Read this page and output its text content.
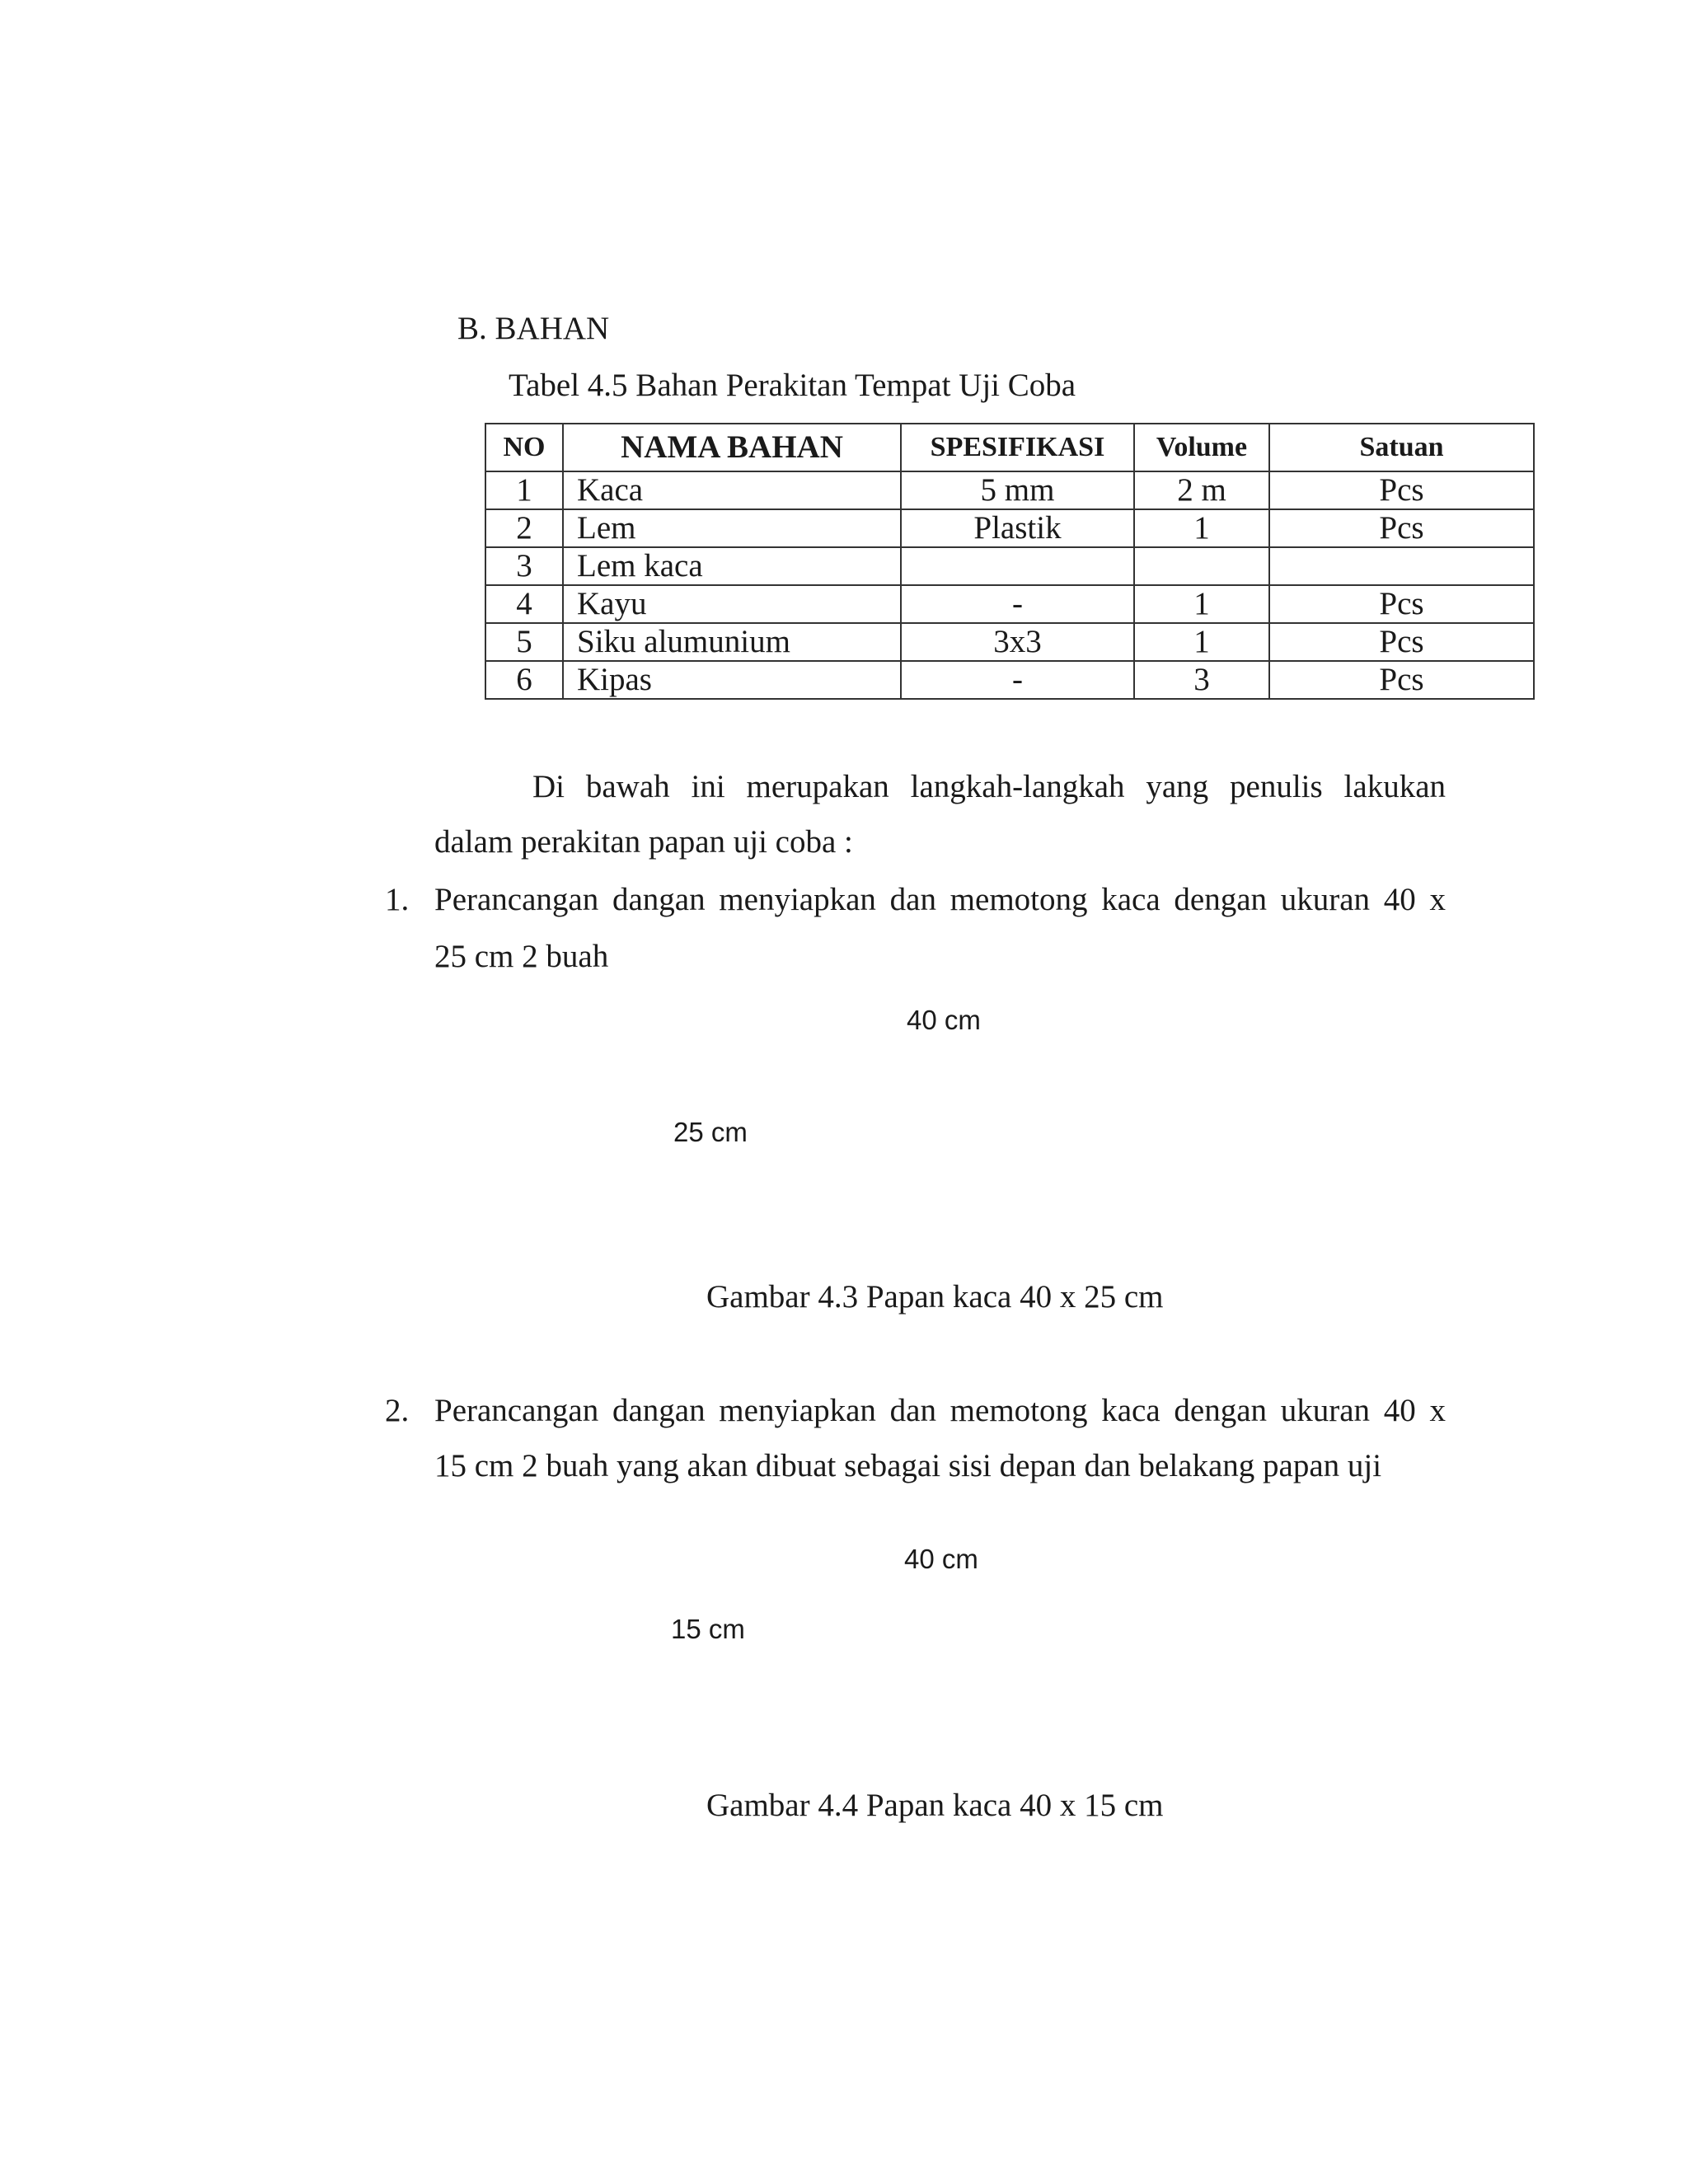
B. BAHAN
Tabel 4.5 Bahan Perakitan Tempat Uji Coba
NO	NAMA BAHAN	SPESIFIKASI	Volume	Satuan
1	Kaca	5 mm	2 m	Pcs
2	Lem	Plastik	1	Pcs
3	Lem kaca			
4	Kayu	-	1	Pcs
5	Siku alumunium	3x3	1	Pcs
6	Kipas	-	3	Pcs
Di bawah ini merupakan langkah-langkah yang penulis lakukan
dalam perakitan papan uji coba :
1. Perancangan dangan menyiapkan dan memotong kaca dengan ukuran 40 x
25 cm 2 buah
40 cm
25 cm
Gambar 4.3 Papan kaca 40 x 25 cm
2. Perancangan dangan menyiapkan dan memotong kaca dengan ukuran 40 x
15 cm 2 buah yang akan dibuat sebagai sisi depan dan belakang papan uji
40 cm
15 cm
Gambar 4.4 Papan kaca 40 x 15 cm
